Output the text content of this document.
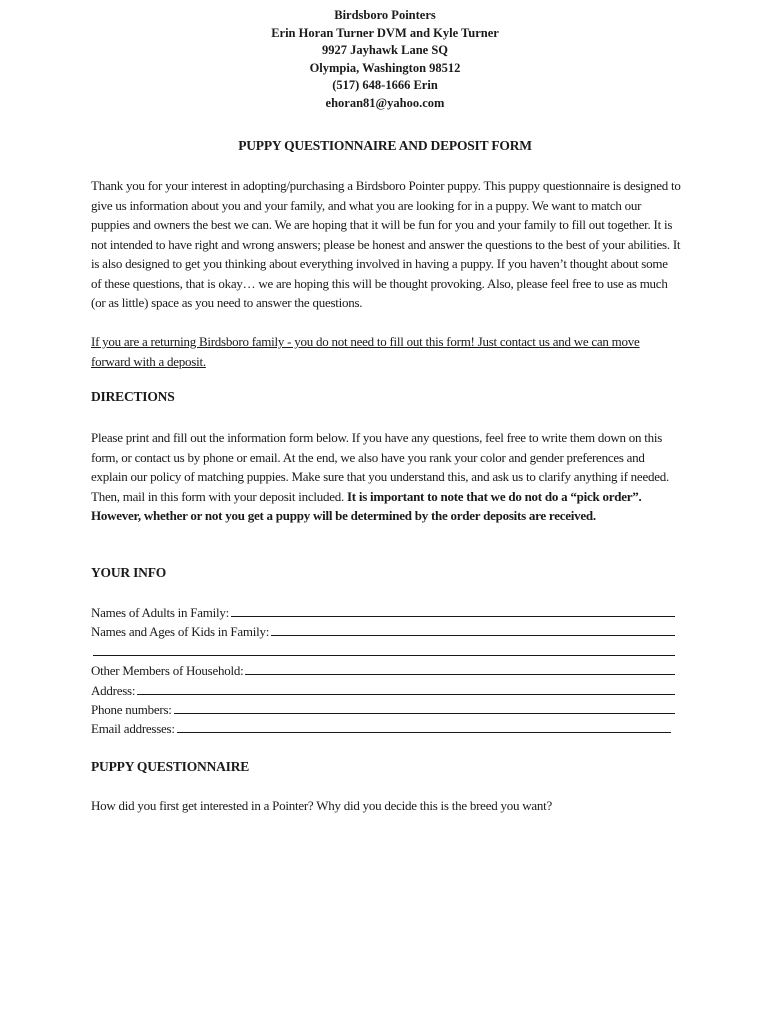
Birdsboro Pointers
Erin Horan Turner DVM and Kyle Turner
9927 Jayhawk Lane SQ
Olympia, Washington 98512
(517) 648-1666 Erin
ehoran81@yahoo.com
PUPPY QUESTIONNAIRE AND DEPOSIT FORM
Thank you for your interest in adopting/purchasing a Birdsboro Pointer puppy. This puppy questionnaire is designed to give us information about you and your family, and what you are looking for in a puppy. We want to match our puppies and owners the best we can. We are hoping that it will be fun for you and your family to fill out together. It is not intended to have right and wrong answers; please be honest and answer the questions to the best of your abilities. It is also designed to get you thinking about everything involved in having a puppy. If you haven’t thought about some of these questions, that is okay… we are hoping this will be thought provoking. Also, please feel free to use as much (or as little) space as you need to answer the questions.
If you are a returning Birdsboro family - you do not need to fill out this form! Just contact us and we can move forward with a deposit.
DIRECTIONS
Please print and fill out the information form below. If you have any questions, feel free to write them down on this form, or contact us by phone or email. At the end, we also have you rank your color and gender preferences and explain our policy of matching puppies. Make sure that you understand this, and ask us to clarify anything if needed. Then, mail in this form with your deposit included. It is important to note that we do not do a “pick order”. However, whether or not you get a puppy will be determined by the order deposits are received.
YOUR INFO
Names of Adults in Family:
Names and Ages of Kids in Family:
Other Members of Household:
Address:
Phone numbers:
Email addresses:
PUPPY QUESTIONNAIRE
How did you first get interested in a Pointer? Why did you decide this is the breed you want?
